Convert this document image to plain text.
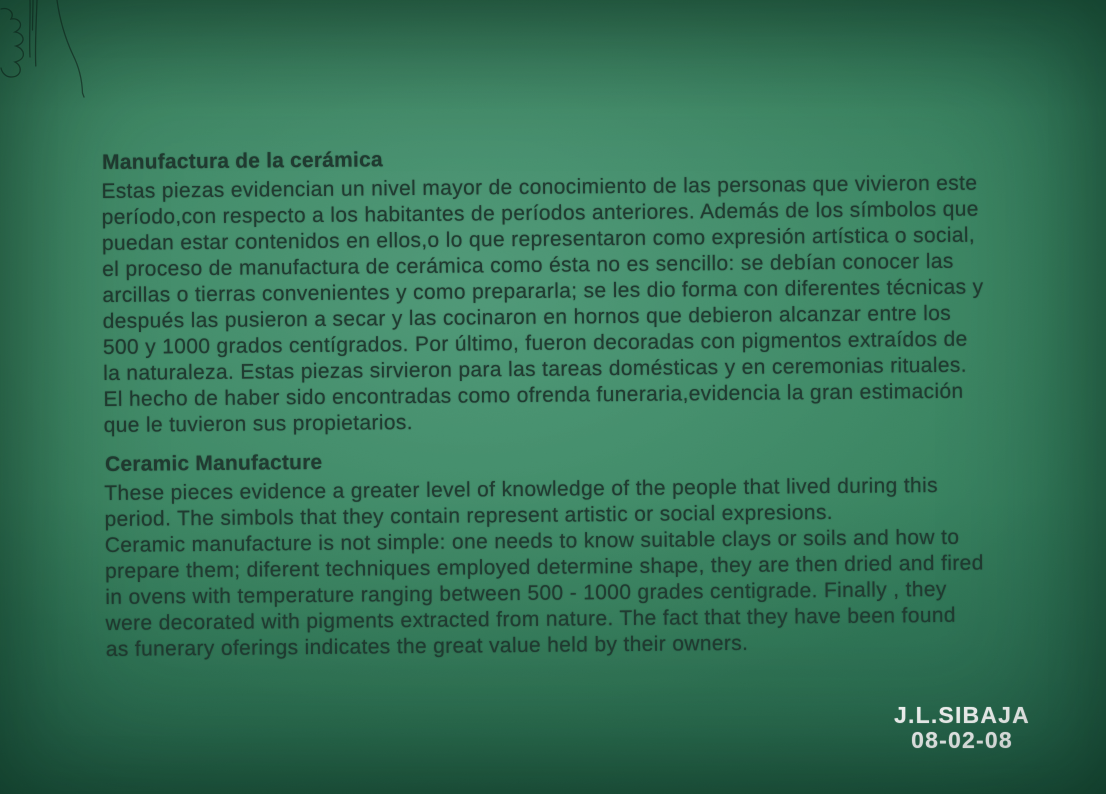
Manufactura de la cerámica
Estas piezas evidencian un nivel mayor de conocimiento de las personas que vivieron este
período,con respecto a los habitantes de períodos anteriores. Además de los símbolos que
puedan estar contenidos en ellos,o lo que representaron como expresión artística o social,
el proceso de manufactura de cerámica como ésta no es sencillo: se debían conocer las
arcillas o tierras convenientes y como prepararla; se les dio forma con diferentes técnicas y
después las pusieron a secar y las cocinaron en hornos que debieron alcanzar entre los
500 y 1000 grados centígrados. Por último, fueron decoradas con pigmentos extraídos de
la naturaleza. Estas piezas sirvieron para las tareas domésticas y en ceremonias rituales.
El hecho de haber sido encontradas como ofrenda funeraria,evidencia la gran estimación
que le tuvieron sus propietarios.
Ceramic Manufacture
These pieces evidence a greater level of knowledge of the people that lived during this
period. The simbols that they contain represent artistic or social expresions.
Ceramic manufacture is not simple: one needs to know suitable clays or soils and how to
prepare them; diferent techniques employed determine shape, they are then dried and fired
in ovens with temperature ranging between 500 - 1000 grades centigrade. Finally , they
were decorated with pigments extracted from nature. The fact that they have been found
as funerary oferings indicates the great value held by their owners.
J.L.SIBAJA
08-02-08
